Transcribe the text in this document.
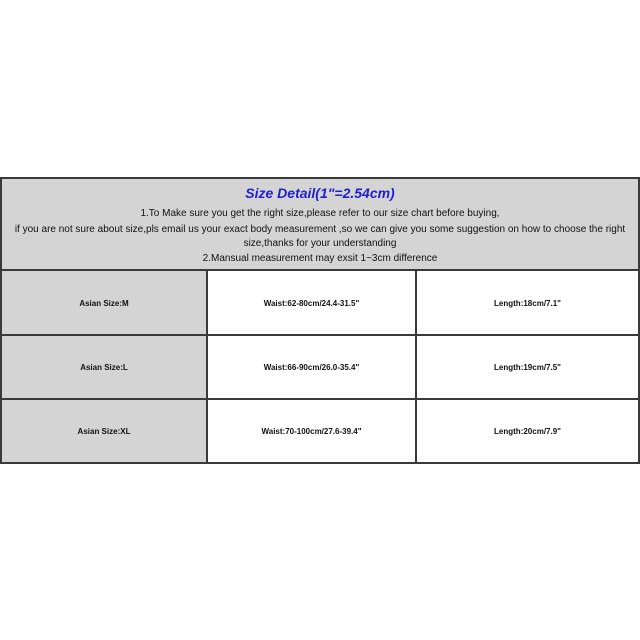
Size Detail(1"=2.54cm)
1.To Make sure you get the right size,please refer to our size chart before buying,
if you are not sure about size,pls email us your exact body measurement ,so we can give you some suggestion on how to choose the right size,thanks for your understanding
2.Mansual measurement may exsit 1~3cm difference
Asian Size:M	Waist:62-80cm/24.4-31.5"	Length:18cm/7.1"
Asian Size:L	Waist:66-90cm/26.0-35.4"	Length:19cm/7.5"
Asian Size:XL	Waist:70-100cm/27.6-39.4"	Length:20cm/7.9"
